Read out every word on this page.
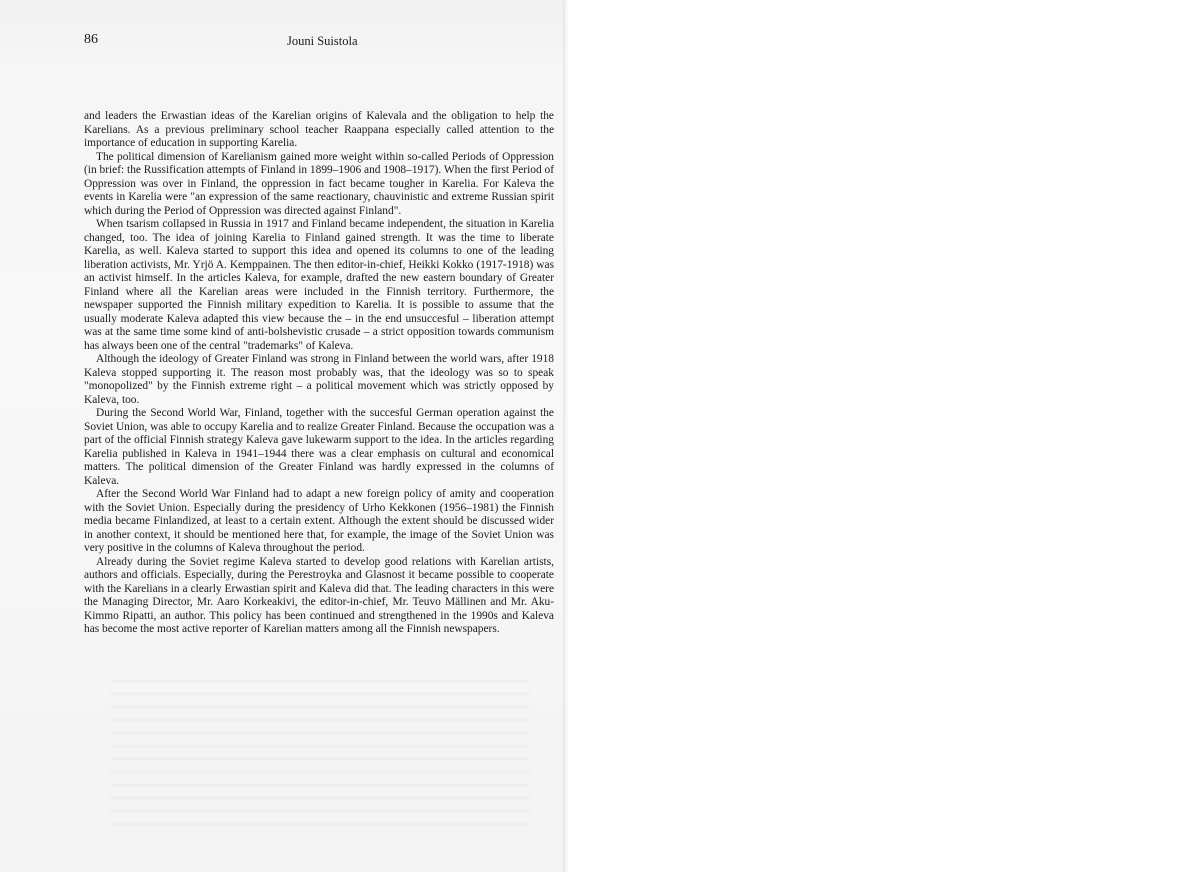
86	Jouni Suistola

and leaders the Erwastian ideas of the Karelian origins of Kalevala and the obligation to help the Karelians. As a previous preliminary school teacher Raappana especially called attention to the importance of education in supporting Karelia.

The political dimension of Karelianism gained more weight within so-called Periods of Oppression (in brief: the Russification attempts of Finland in 1899–1906 and 1908–1917). When the first Period of Oppression was over in Finland, the oppression in fact became tougher in Karelia. For Kaleva the events in Karelia were "an expression of the same reactionary, chauvinistic and extreme Russian spirit which during the Period of Oppression was directed against Finland".

When tsarism collapsed in Russia in 1917 and Finland became independent, the situation in Karelia changed, too. The idea of joining Karelia to Finland gained strength. It was the time to liberate Karelia, as well. Kaleva started to support this idea and opened its columns to one of the leading liberation activists, Mr. Yrjö A. Kemppainen. The then editor-in-chief, Heikki Kokko (1917-1918) was an activist himself. In the articles Kaleva, for example, drafted the new eastern boundary of Greater Finland where all the Karelian areas were included in the Finnish territory. Furthermore, the newspaper supported the Finnish military expedition to Karelia. It is possible to assume that the usually moderate Kaleva adapted this view because the – in the end unsuccesful – liberation attempt was at the same time some kind of anti-bolshevistic crusade – a strict opposition towards communism has always been one of the central "trademarks" of Kaleva.

Although the ideology of Greater Finland was strong in Finland between the world wars, after 1918 Kaleva stopped supporting it. The reason most probably was, that the ideology was so to speak "monopolized" by the Finnish extreme right – a political movement which was strictly opposed by Kaleva, too.

During the Second World War, Finland, together with the succesful German operation against the Soviet Union, was able to occupy Karelia and to realize Greater Finland. Because the occupation was a part of the official Finnish strategy Kaleva gave lukewarm support to the idea. In the articles regarding Karelia published in Kaleva in 1941–1944 there was a clear emphasis on cultural and economical matters. The political dimension of the Greater Finland was hardly expressed in the columns of Kaleva.

After the Second World War Finland had to adapt a new foreign policy of amity and cooperation with the Soviet Union. Especially during the presidency of Urho Kekkonen (1956–1981) the Finnish media became Finlandized, at least to a certain extent. Although the extent should be discussed wider in another context, it should be mentioned here that, for example, the image of the Soviet Union was very positive in the columns of Kaleva throughout the period.

Already during the Soviet regime Kaleva started to develop good relations with Karelian artists, authors and officials. Especially, during the Perestroyka and Glasnost it became possible to cooperate with the Karelians in a clearly Erwastian spirit and Kaleva did that. The leading characters in this were the Managing Director, Mr. Aaro Korkeakivi, the editor-in-chief, Mr. Teuvo Mällinen and Mr. Aku-Kimmo Ripatti, an author. This policy has been continued and strengthened in the 1990s and Kaleva has become the most active reporter of Karelian matters among all the Finnish newspapers.
